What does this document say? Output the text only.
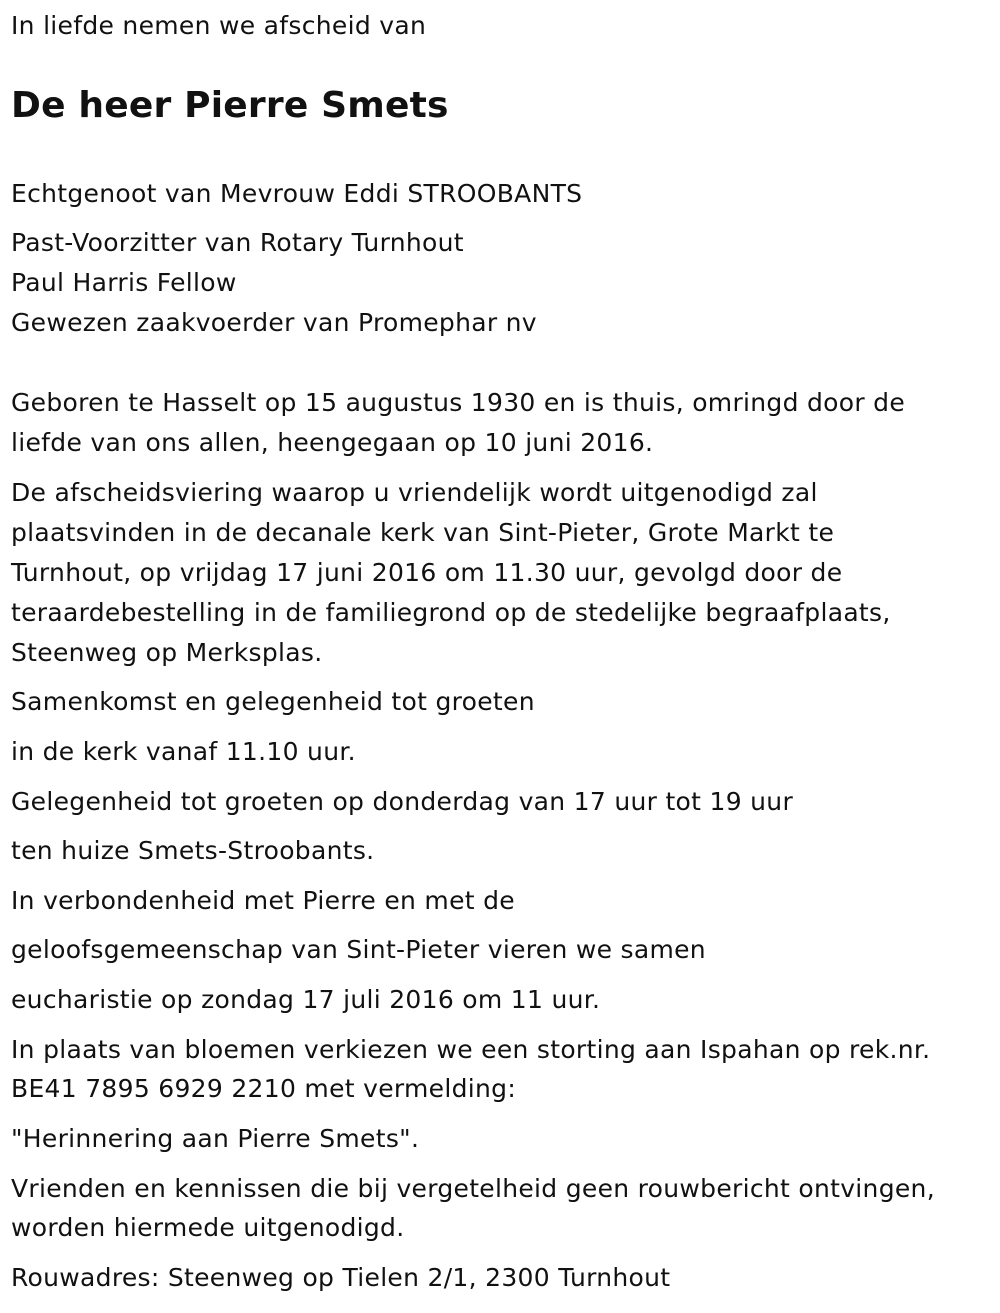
In liefde nemen we afscheid van

De heer Pierre Smets

Echtgenoot van Mevrouw Eddi STROOBANTS

Past-Voorzitter van Rotary Turnhout

Paul Harris Fellow

Gewezen zaakvoerder van Promephar nv

Geboren te Hasselt op 15 augustus 1930 en is thuis, omringd door de

liefde van ons allen, heengegaan op 10 juni 2016.

De afscheidsviering waarop u vriendelijk wordt uitgenodigd zal

plaatsvinden in de decanale kerk van Sint-Pieter, Grote Markt te

Turnhout, op vrijdag 17 juni 2016 om 11.30 uur, gevolgd door de

teraardebestelling in de familiegrond op de stedelijke begraafplaats,

Steenweg op Merksplas.

Samenkomst en gelegenheid tot groeten

in de kerk vanaf 11.10 uur.

Gelegenheid tot groeten op donderdag van 17 uur tot 19 uur

ten huize Smets-Stroobants.

In verbondenheid met Pierre en met de

geloofsgemeenschap van Sint-Pieter vieren we samen

eucharistie op zondag 17 juli 2016 om 11 uur.

In plaats van bloemen verkiezen we een storting aan Ispahan op rek.nr.

BE41 7895 6929 2210 met vermelding:

"Herinnering aan Pierre Smets".

Vrienden en kennissen die bij vergetelheid geen rouwbericht ontvingen,

worden hiermede uitgenodigd.

Rouwadres: Steenweg op Tielen 2/1, 2300 Turnhout
